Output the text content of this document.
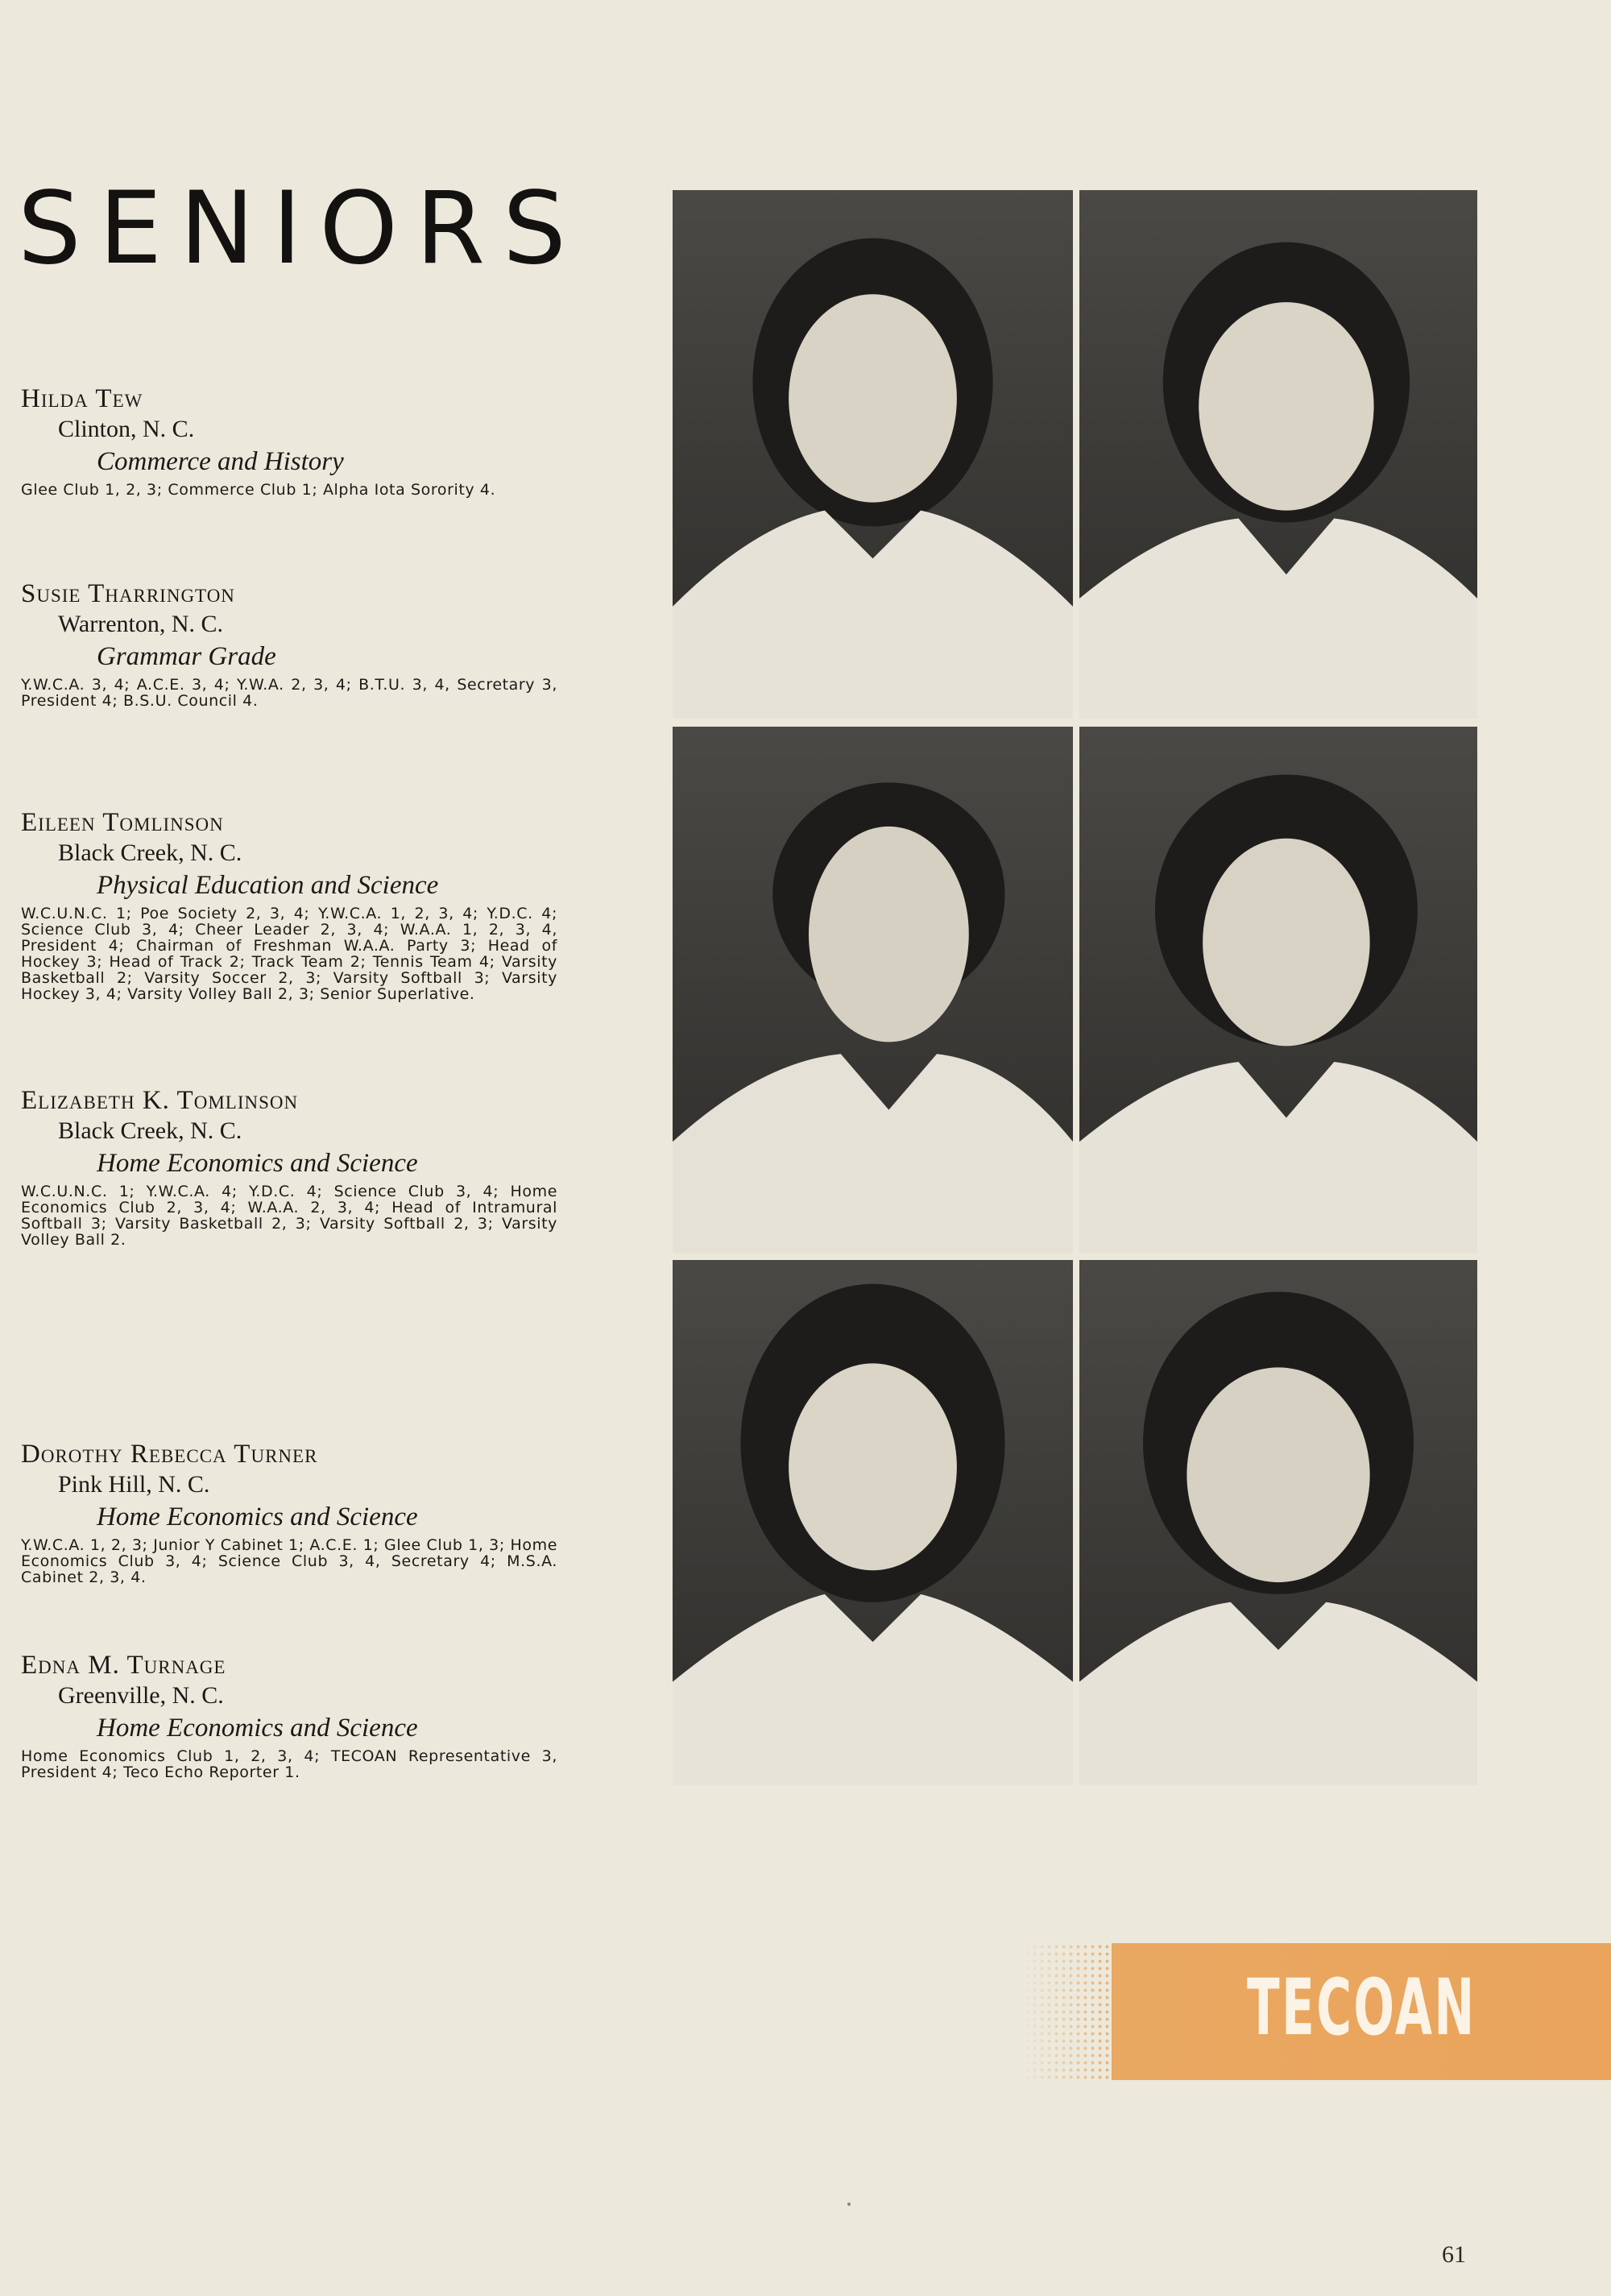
SENIORS

Hilda Tew

Clinton, N. C.

Commerce and History

Glee Club 1, 2, 3; Commerce Club 1; Alpha Iota Sorority 4.

Susie Tharrington

Warrenton, N. C.

Grammar Grade

Y.W.C.A. 3, 4; A.C.E. 3, 4; Y.W.A. 2, 3, 4; B.T.U. 3, 4, Secretary 3, President 4; B.S.U. Council 4.

Eileen Tomlinson

Black Creek, N. C.

Physical Education and Science

W.C.U.N.C. 1; Poe Society 2, 3, 4; Y.W.C.A. 1, 2, 3, 4; Y.D.C. 4; Science Club 3, 4; Cheer Leader 2, 3, 4; W.A.A. 1, 2, 3, 4, President 4; Chairman of Freshman W.A.A. Party 3; Head of Hockey 3; Head of Track 2; Track Team 2; Tennis Team 4; Varsity Basketball 2; Varsity Soccer 2, 3; Varsity Softball 3; Varsity Hockey 3, 4; Varsity Volley Ball 2, 3; Senior Superlative.

Elizabeth K. Tomlinson

Black Creek, N. C.

Home Economics and Science

W.C.U.N.C. 1; Y.W.C.A. 4; Y.D.C. 4; Science Club 3, 4; Home Economics Club 2, 3, 4; W.A.A. 2, 3, 4; Head of Intramural Softball 3; Varsity Basketball 2, 3; Varsity Softball 2, 3; Varsity Volley Ball 2.

Dorothy Rebecca Turner

Pink Hill, N. C.

Home Economics and Science

Y.W.C.A. 1, 2, 3; Junior Y Cabinet 1; A.C.E. 1; Glee Club 1, 3; Home Economics Club 3, 4; Science Club 3, 4, Secretary 4; M.S.A. Cabinet 2, 3, 4.

Edna M. Turnage

Greenville, N. C.

Home Economics and Science

Home Economics Club 1, 2, 3, 4; TECOAN Representative 3, President 4; Teco Echo Reporter 1.

TECOAN
61
